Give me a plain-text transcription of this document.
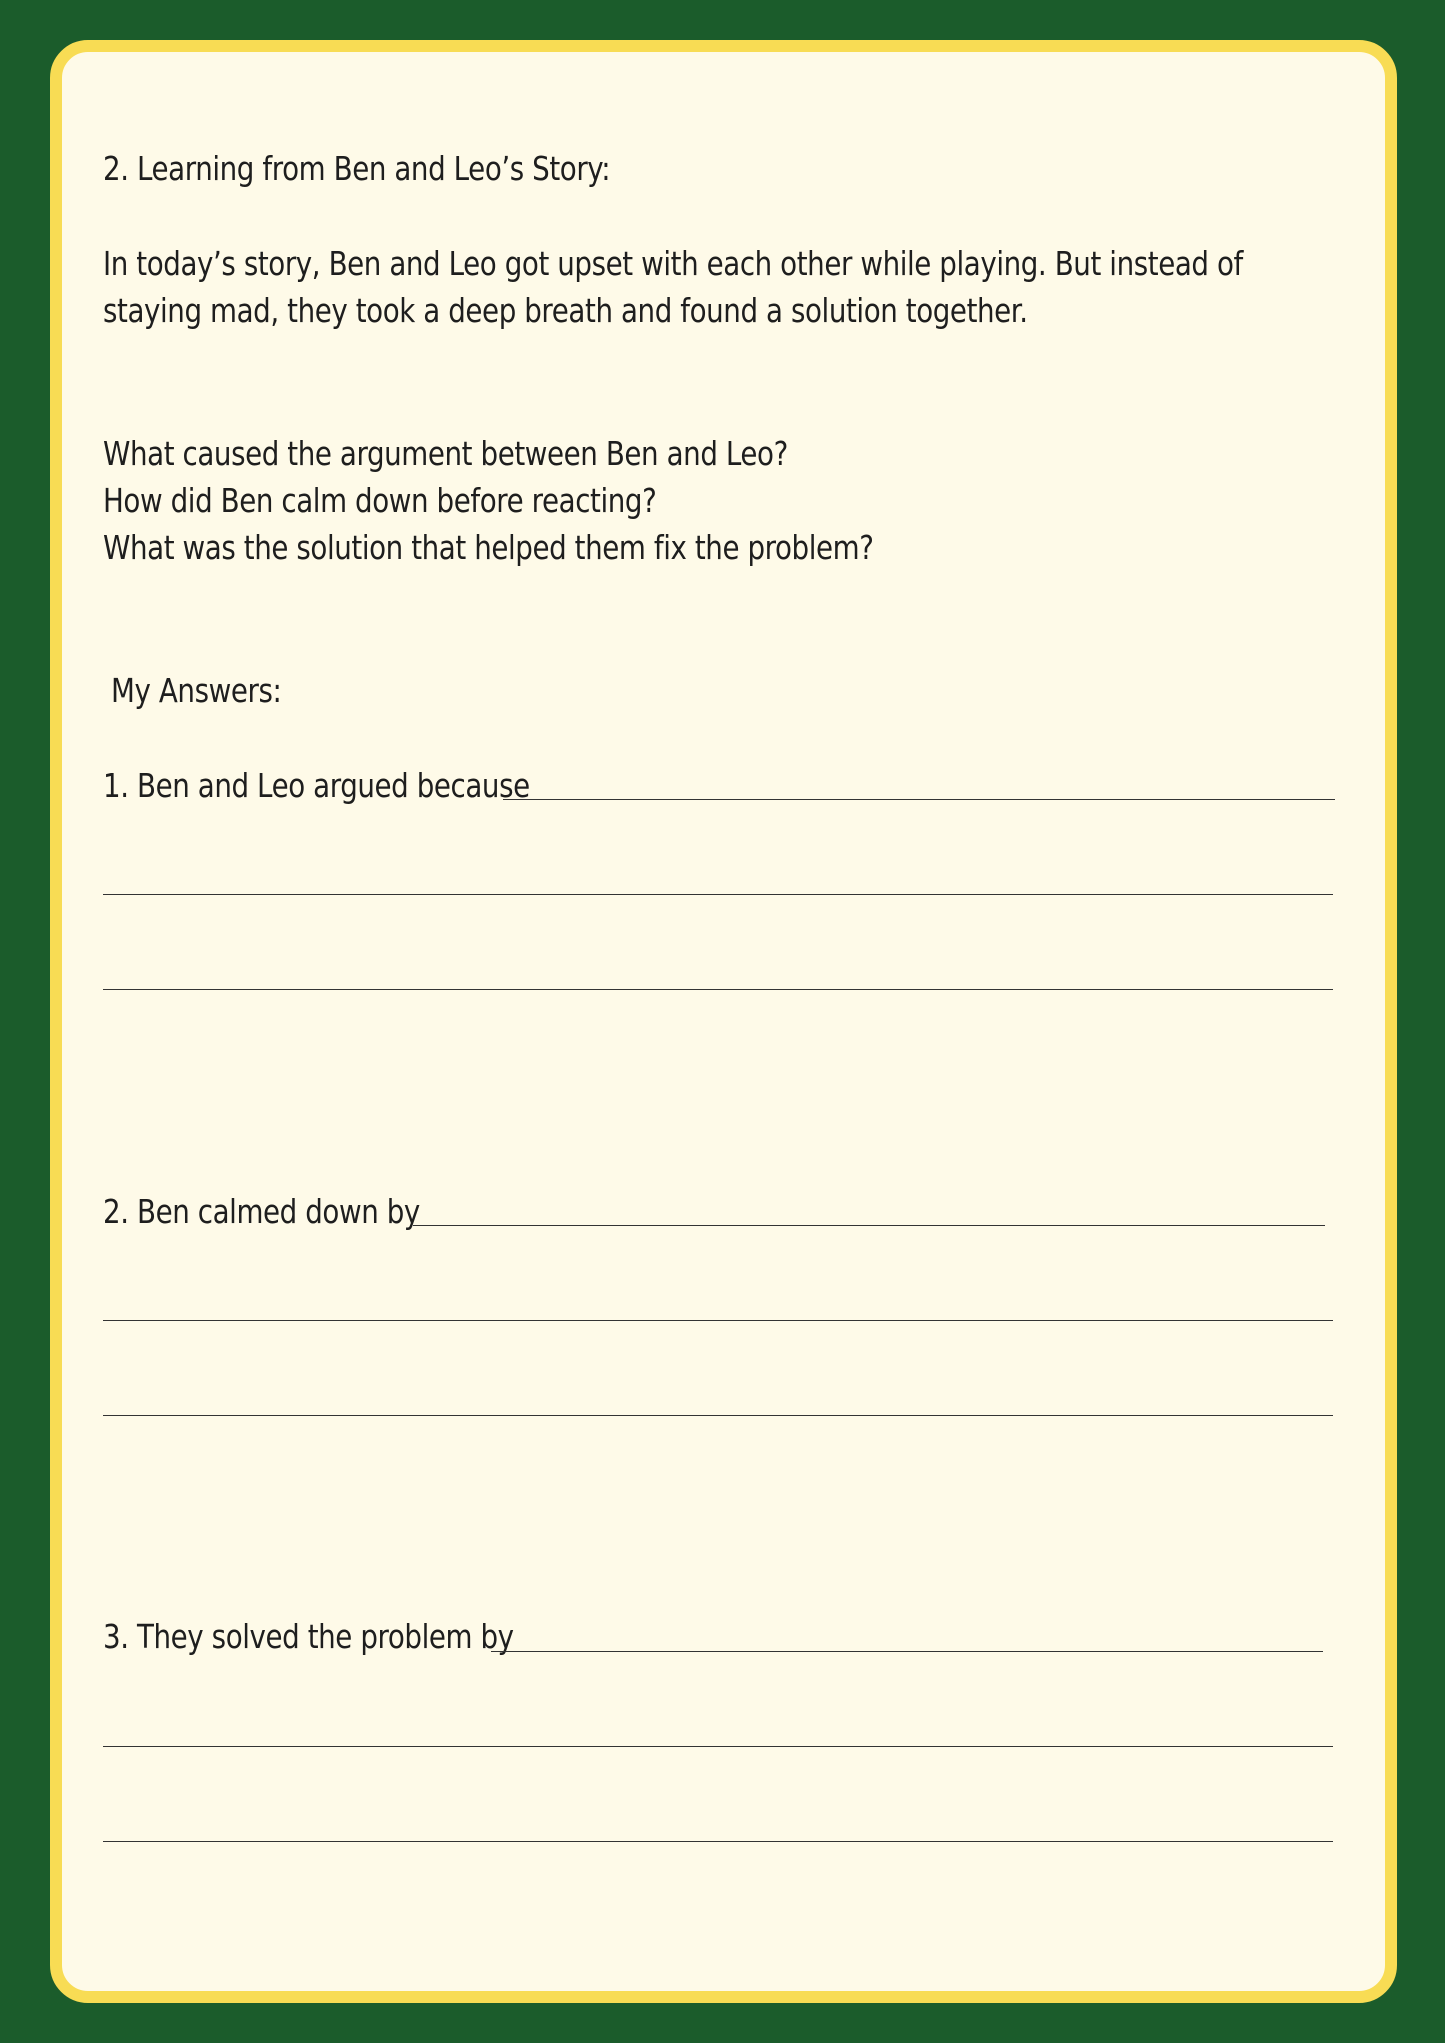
2. Learning from Ben and Leo’s Story:
In today’s story, Ben and Leo got upset with each other while playing. But instead of
staying mad, they took a deep breath and found a solution together.
What caused the argument between Ben and Leo?
How did Ben calm down before reacting?
What was the solution that helped them fix the problem?
My Answers:
1. Ben and Leo argued because
2. Ben calmed down by
3. They solved the problem by
